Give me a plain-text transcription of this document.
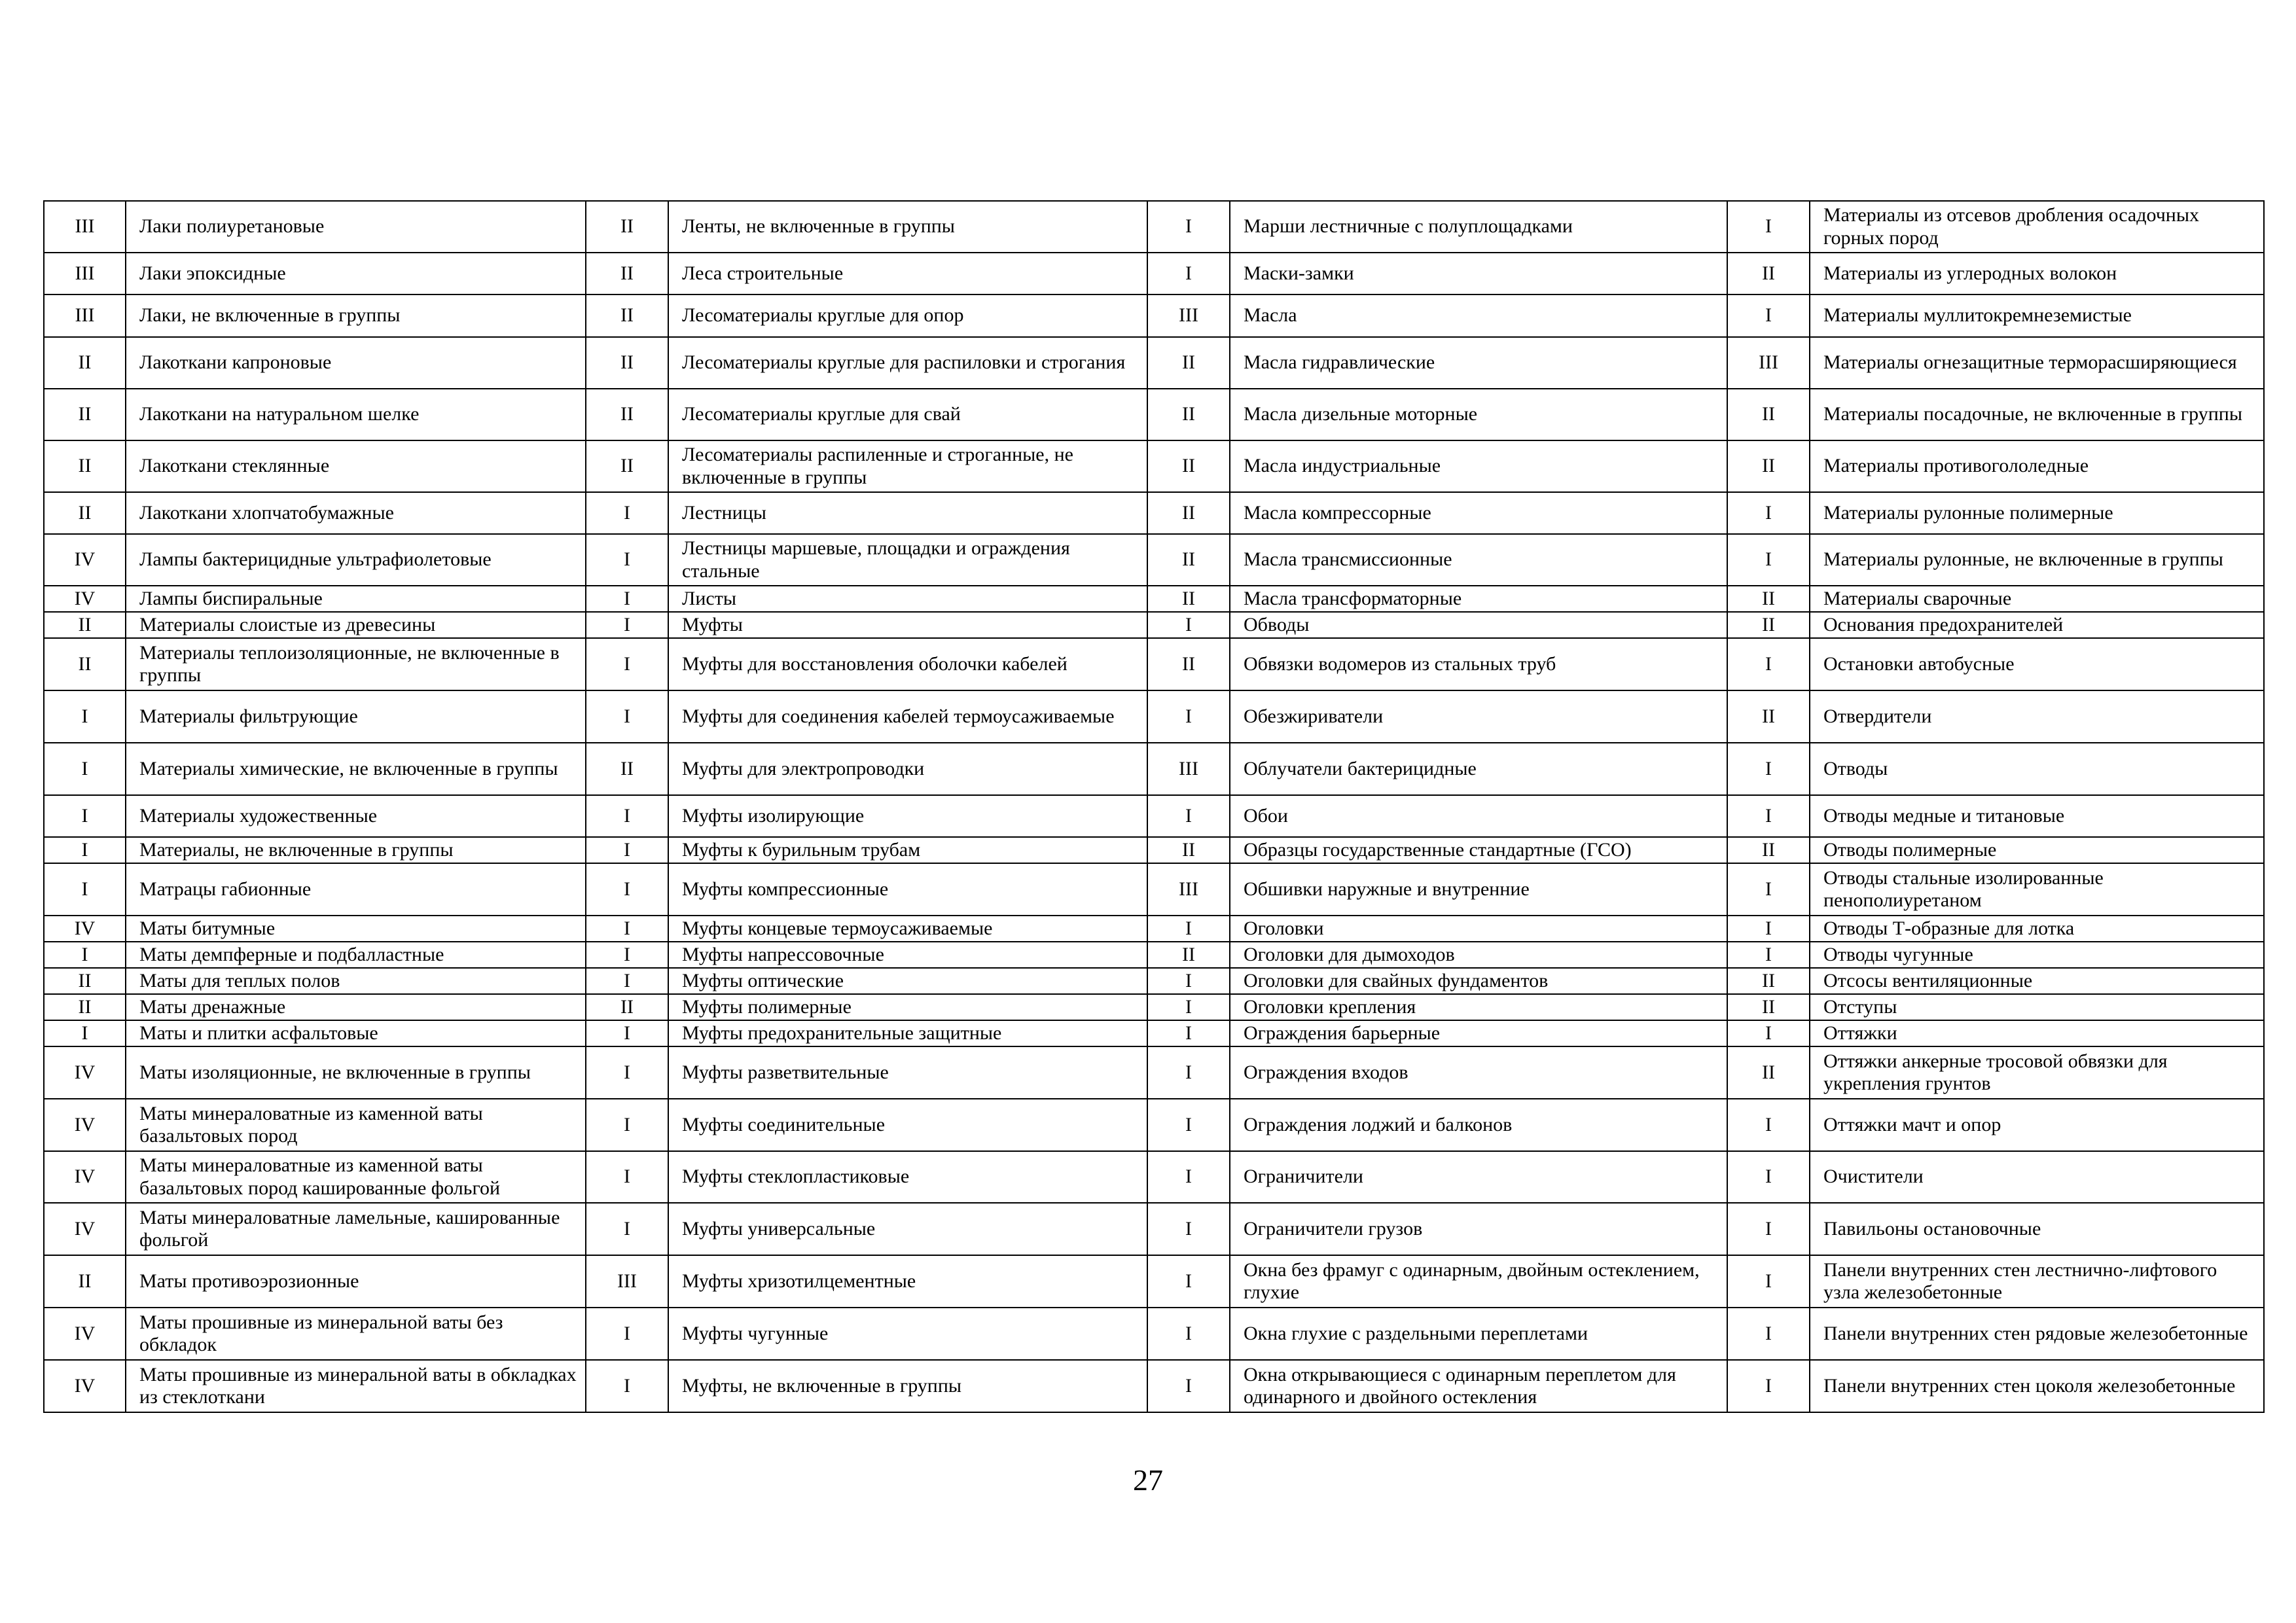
III	Лаки полиуретановые	II	Ленты, не включенные в группы	I	Марши лестничные с полуплощадками	I	Материалы из отсевов дробления осадочных горных пород
III	Лаки эпоксидные	II	Леса строительные	I	Маски-замки	II	Материалы из углеродных волокон
III	Лаки, не включенные в группы	II	Лесоматериалы круглые для опор	III	Масла	I	Материалы муллитокремнеземистые
II	Лакоткани капроновые	II	Лесоматериалы круглые для распиловки и строгания	II	Масла гидравлические	III	Материалы огнезащитные терморасширяющиеся
II	Лакоткани на натуральном шелке	II	Лесоматериалы круглые для свай	II	Масла дизельные моторные	II	Материалы посадочные, не включенные в группы
II	Лакоткани стеклянные	II	Лесоматериалы распиленные и строганные, не включенные в группы	II	Масла индустриальные	II	Материалы противогололедные
II	Лакоткани хлопчатобумажные	I	Лестницы	II	Масла компрессорные	I	Материалы рулонные полимерные
IV	Лампы бактерицидные ультрафиолетовые	I	Лестницы маршевые, площадки и ограждения стальные	II	Масла трансмиссионные	I	Материалы рулонные, не включенные в группы
IV	Лампы биспиральные	I	Листы	II	Масла трансформаторные	II	Материалы сварочные
II	Материалы слоистые из древесины	I	Муфты	I	Обводы	II	Основания предохранителей
II	Материалы теплоизоляционные, не включенные в группы	I	Муфты для восстановления оболочки кабелей	II	Обвязки водомеров из стальных труб	I	Остановки автобусные
I	Материалы фильтрующие	I	Муфты для соединения кабелей термоусаживаемые	I	Обезжириватели	II	Отвердители
I	Материалы химические, не включенные в группы	II	Муфты для электропроводки	III	Облучатели бактерицидные	I	Отводы
I	Материалы художественные	I	Муфты изолирующие	I	Обои	I	Отводы медные и титановые
I	Материалы, не включенные в группы	I	Муфты к бурильным трубам	II	Образцы государственные стандартные (ГСО)	II	Отводы полимерные
I	Матрацы габионные	I	Муфты компрессионные	III	Обшивки наружные и внутренние	I	Отводы стальные изолированные пенополиуретаном
IV	Маты битумные	I	Муфты концевые термоусаживаемые	I	Оголовки	I	Отводы Т-образные для лотка
I	Маты демпферные и подбалластные	I	Муфты напрессовочные	II	Оголовки для дымоходов	I	Отводы чугунные
II	Маты для теплых полов	I	Муфты оптические	I	Оголовки для свайных фундаментов	II	Отсосы вентиляционные
II	Маты дренажные	II	Муфты полимерные	I	Оголовки крепления	II	Отступы
I	Маты и плитки асфальтовые	I	Муфты предохранительные защитные	I	Ограждения барьерные	I	Оттяжки
IV	Маты изоляционные, не включенные в группы	I	Муфты разветвительные	I	Ограждения входов	II	Оттяжки анкерные тросовой обвязки для укрепления грунтов
IV	Маты минераловатные из каменной ваты базальтовых пород	I	Муфты соединительные	I	Ограждения лоджий и балконов	I	Оттяжки мачт и опор
IV	Маты минераловатные из каменной ваты базальтовых пород кашированные фольгой	I	Муфты стеклопластиковые	I	Ограничители	I	Очистители
IV	Маты минераловатные ламельные, кашированные фольгой	I	Муфты универсальные	I	Ограничители грузов	I	Павильоны остановочные
II	Маты противоэрозионные	III	Муфты хризотилцементные	I	Окна без фрамуг с одинарным, двойным остеклением, глухие	I	Панели внутренних стен лестнично-лифтового узла железобетонные
IV	Маты прошивные из минеральной ваты без обкладок	I	Муфты чугунные	I	Окна глухие с раздельными переплетами	I	Панели внутренних стен рядовые железобетонные
IV	Маты прошивные из минеральной ваты в обкладках из стеклоткани	I	Муфты, не включенные в группы	I	Окна открывающиеся с одинарным переплетом для одинарного и двойного остекления	I	Панели внутренних стен цоколя железобетонные
27
